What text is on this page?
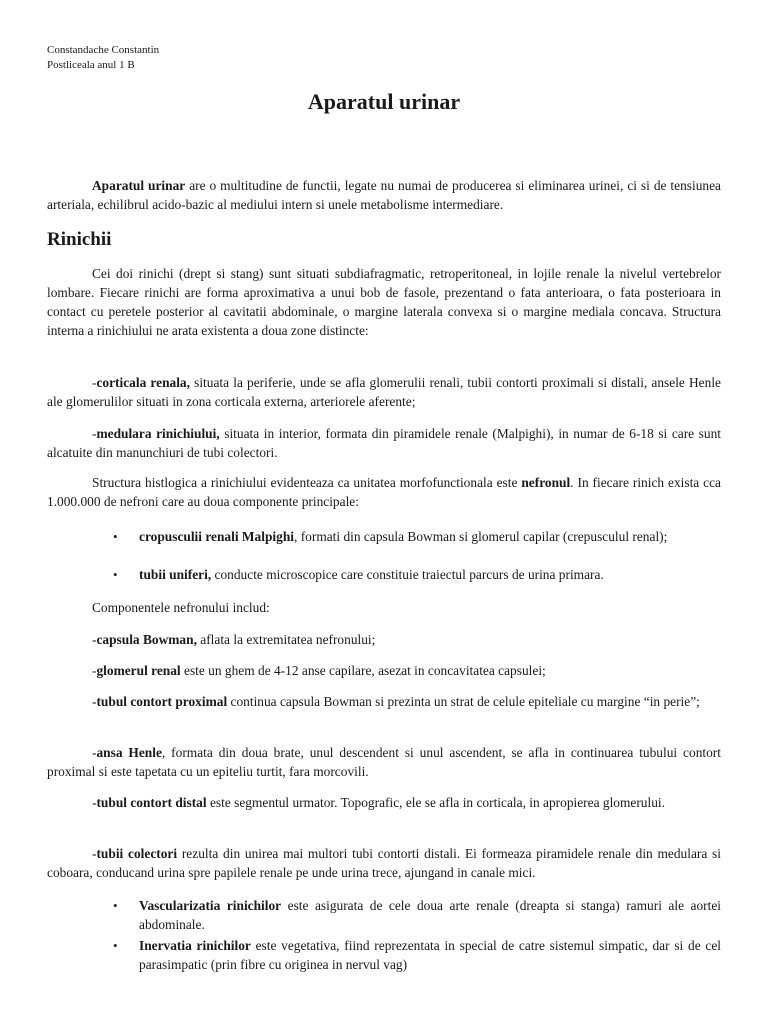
Constandache Constantin
Postliceala anul 1 B
Aparatul urinar

Aparatul urinar are o multitudine de functii, legate nu numai de producerea si eliminarea urinei, ci si de tensiunea arteriala, echilibrul acido-bazic al mediului intern si unele metabolisme intermediare.

Rinichii

Cei doi rinichi (drept si stang) sunt situati subdiafragmatic, retroperitoneal, in lojile renale la nivelul vertebrelor lombare. Fiecare rinichi are forma aproximativa a unui bob de fasole, prezentand o fata anterioara, o fata posterioara in contact cu peretele posterior al cavitatii abdominale, o margine laterala convexa si o margine mediala concava. Structura interna a rinichiului ne arata existenta a doua zone distincte:

-corticala renala, situata la periferie, unde se afla glomerulii renali, tubii contorti proximali si distali, ansele Henle ale glomerulilor situati in zona corticala externa, arteriorele aferente;

-medulara rinichiului, situata in interior, formata din piramidele renale (Malpighi), in numar de 6-18 si care sunt alcatuite din manunchiuri de tubi colectori.

Structura histlogica a rinichiului evidenteaza ca unitatea morfofunctionala este nefronul. In fiecare rinich exista cca 1.000.000 de nefroni care au doua componente principale:

•	cropusculii renali Malpighi, formati din capsula Bowman si glomerul capilar (crepusculul renal);
•	tubii uniferi, conducte microscopice care constituie traiectul parcurs de urina primara.

Componentele nefronului includ:

-capsula Bowman, aflata la extremitatea nefronului;

-glomerul renal este un ghem de 4-12 anse capilare, asezat in concavitatea capsulei;

-tubul contort proximal continua capsula Bowman si prezinta un strat de celule epiteliale cu margine “in perie”;

-ansa Henle, formata din doua brate, unul descendent si unul ascendent, se afla in continuarea tubului contort proximal si este tapetata cu un epiteliu turtit, fara morcovili.

-tubul contort distal este segmentul urmator. Topografic, ele se afla in corticala, in apropierea glomerului.

-tubii colectori rezulta din unirea mai multori tubi contorti distali. Ei formeaza piramidele renale din medulara si coboara, conducand urina spre papilele renale pe unde urina trece, ajungand in canale mici.

•	Vascularizatia rinichilor este asigurata de cele doua arte renale (dreapta si stanga) ramuri ale aortei abdominale.
•	Inervatia rinichilor este vegetativa, fiind reprezentata in special de catre sistemul simpatic, dar si de cel parasimpatic (prin fibre cu originea in nervul vag)
